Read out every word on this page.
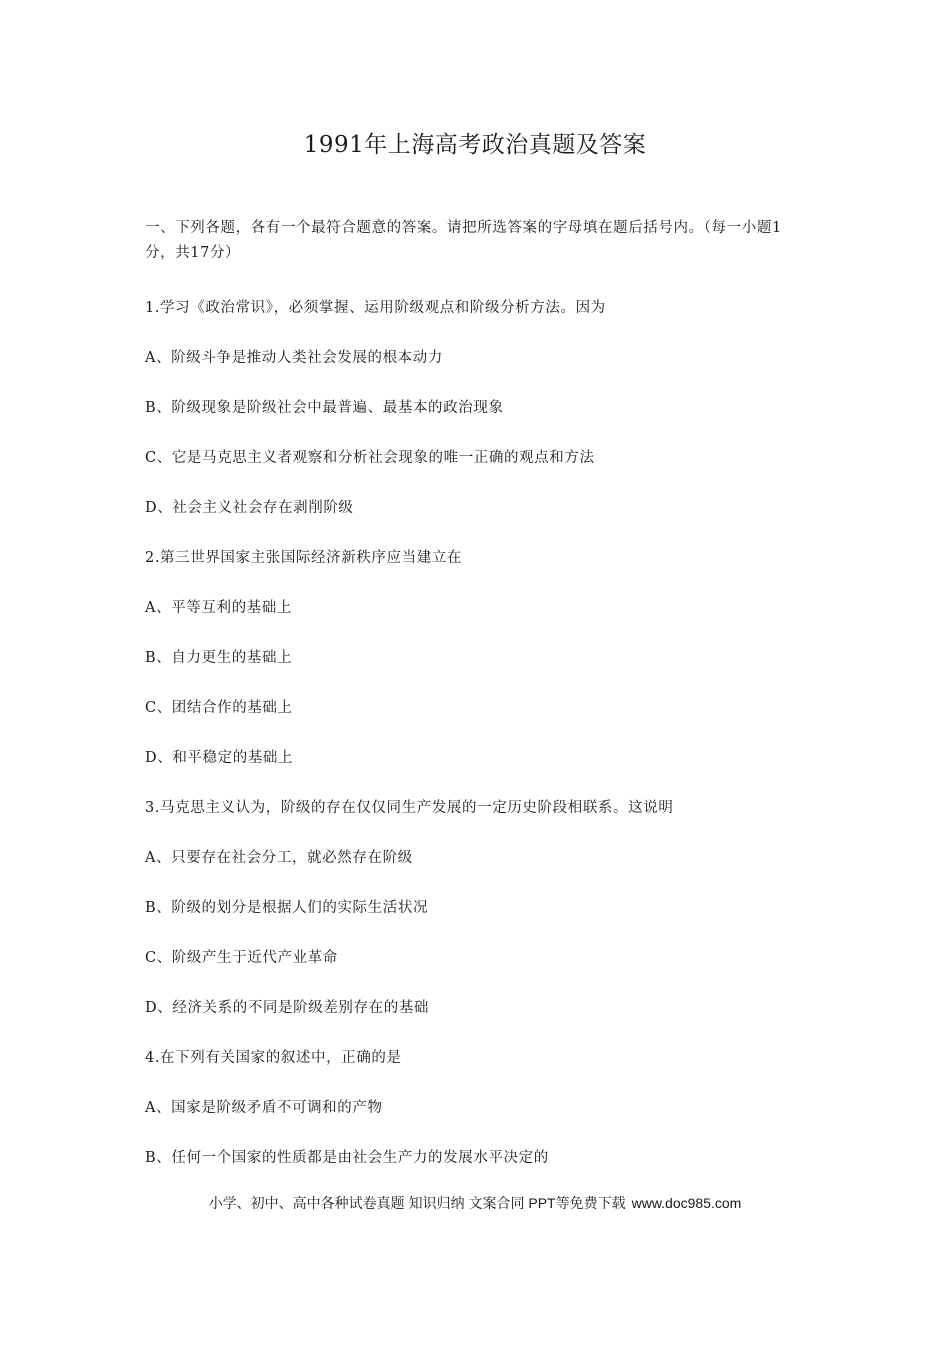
1991年上海高考政治真题及答案
一、下列各题，各有一个最符合题意的答案。请把所选答案的字母填在题后括号内。（每一小题1分，共17分）
1.学习《政治常识》，必须掌握、运用阶级观点和阶级分析方法。因为
A、阶级斗争是推动人类社会发展的根本动力
B、阶级现象是阶级社会中最普遍、最基本的政治现象
C、它是马克思主义者观察和分析社会现象的唯一正确的观点和方法
D、社会主义社会存在剥削阶级
2.第三世界国家主张国际经济新秩序应当建立在
A、平等互利的基础上
B、自力更生的基础上
C、团结合作的基础上
D、和平稳定的基础上
3.马克思主义认为，阶级的存在仅仅同生产发展的一定历史阶段相联系。这说明
A、只要存在社会分工，就必然存在阶级
B、阶级的划分是根据人们的实际生活状况
C、阶级产生于近代产业革命
D、经济关系的不同是阶级差别存在的基础
4.在下列有关国家的叙述中，正确的是
A、国家是阶级矛盾不可调和的产物
B、任何一个国家的性质都是由社会生产力的发展水平决定的
小学、初中、高中各种试卷真题 知识归纳 文案合同 PPT等免费下载 www.doc985.com
